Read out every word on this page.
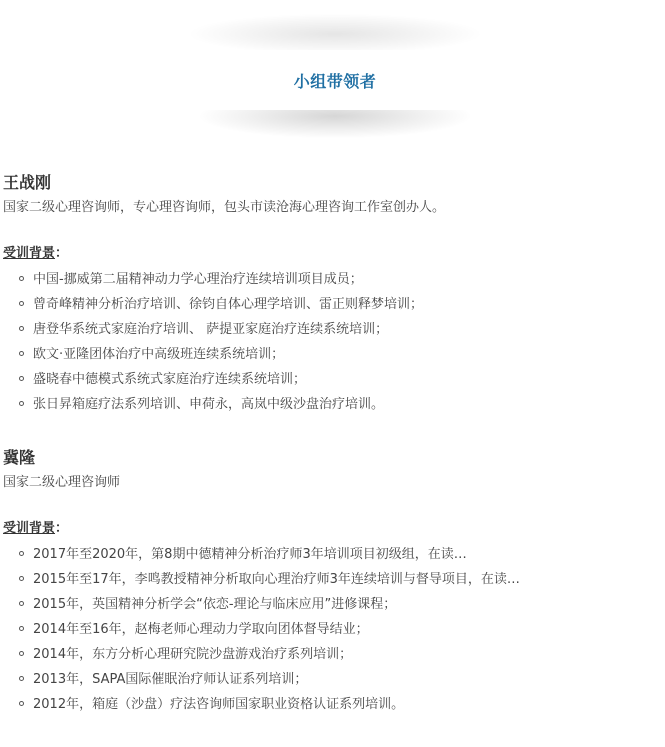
小组带领者
王战刚
国家二级心理咨询师，专心理咨询师，包头市读沧海心理咨询工作室创办人。
受训背景：
中国-挪威第二届精神动力学心理治疗连续培训项目成员；
曾奇峰精神分析治疗培训、徐钧自体心理学培训、雷正则释梦培训；
唐登华系统式家庭治疗培训、 萨提亚家庭治疗连续系统培训；
欧文·亚隆团体治疗中高级班连续系统培训；
盛晓春中德模式系统式家庭治疗连续系统培训；
张日昇箱庭疗法系列培训、申荷永，高岚中级沙盘治疗培训。
冀隆
国家二级心理咨询师
受训背景：
2017年至2020年，第8期中德精神分析治疗师3年培训项目初级组，在读…
2015年至17年，李鸣教授精神分析取向心理治疗师3年连续培训与督导项目，在读…
2015年，英国精神分析学会“依恋-理论与临床应用”进修课程；
2014年至16年，赵梅老师心理动力学取向团体督导结业；
2014年，东方分析心理研究院沙盘游戏治疗系列培训；
2013年，SAPA国际催眠治疗师认证系列培训；
2012年，箱庭（沙盘）疗法咨询师国家职业资格认证系列培训。
